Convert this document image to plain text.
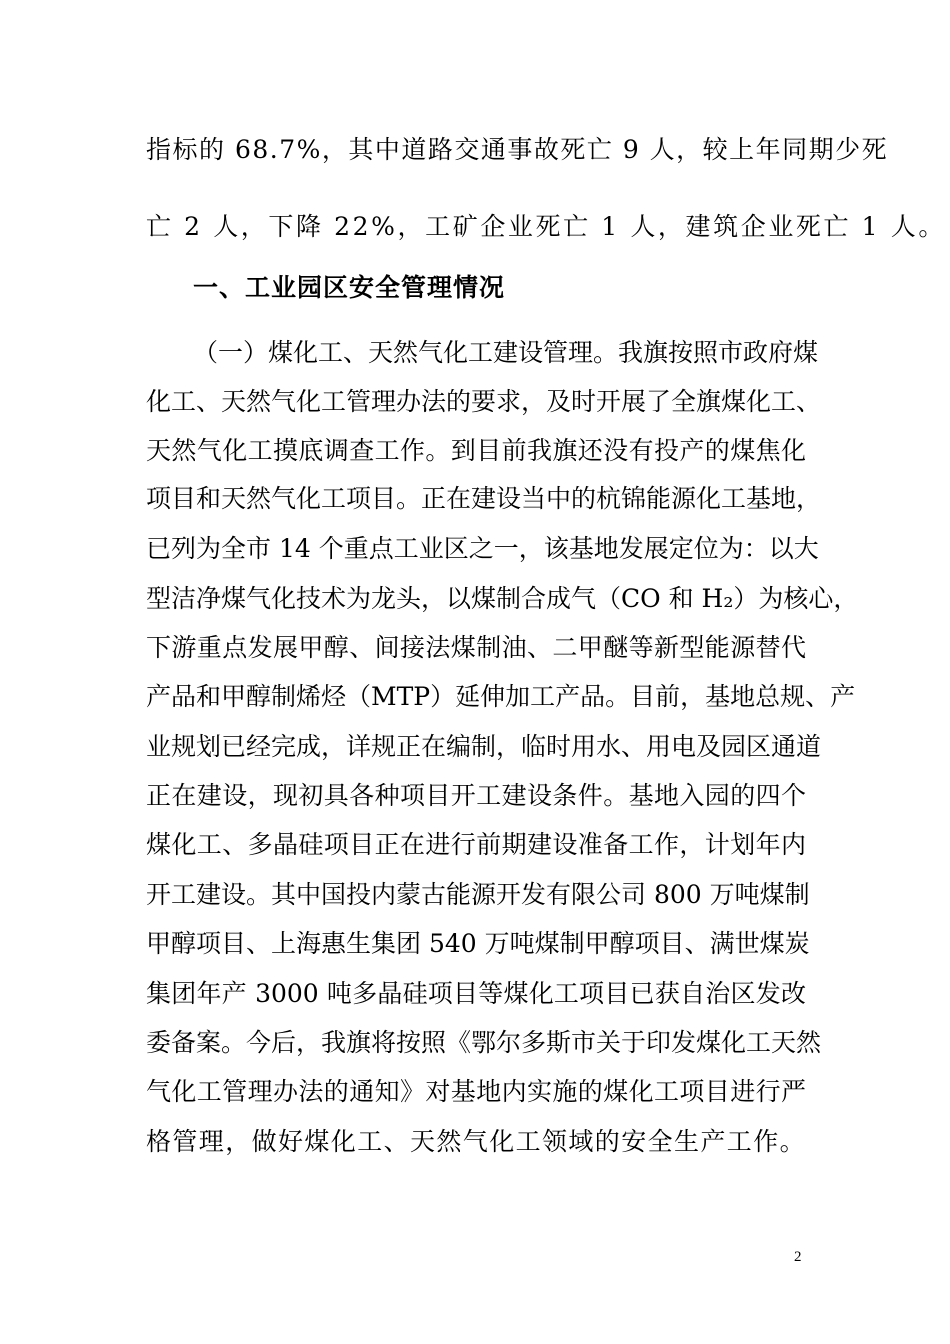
指标的 68.7%，其中道路交通事故死亡 9 人，较上年同期少死
亡 2 人，下降 22%，工矿企业死亡 1 人，建筑企业死亡 1 人。
一、工业园区安全管理情况
（一）煤化工、天然气化工建设管理。我旗按照市政府煤
化工、天然气化工管理办法的要求，及时开展了全旗煤化工、
天然气化工摸底调查工作。到目前我旗还没有投产的煤焦化
项目和天然气化工项目。正在建设当中的杭锦能源化工基地，
已列为全市 14 个重点工业区之一，该基地发展定位为：以大
型洁净煤气化技术为龙头，以煤制合成气（CO 和 H₂）为核心，
下游重点发展甲醇、间接法煤制油、二甲醚等新型能源替代
产品和甲醇制烯烃（MTP）延伸加工产品。目前，基地总规、产
业规划已经完成，详规正在编制，临时用水、用电及园区通道
正在建设，现初具各种项目开工建设条件。基地入园的四个
煤化工、多晶硅项目正在进行前期建设准备工作，计划年内
开工建设。其中国投内蒙古能源开发有限公司 800 万吨煤制
甲醇项目、上海惠生集团 540 万吨煤制甲醇项目、满世煤炭
集团年产 3000 吨多晶硅项目等煤化工项目已获自治区发改
委备案。今后，我旗将按照《鄂尔多斯市关于印发煤化工天然
气化工管理办法的通知》对基地内实施的煤化工项目进行严
格管理，做好煤化工、天然气化工领域的安全生产工作。
2
